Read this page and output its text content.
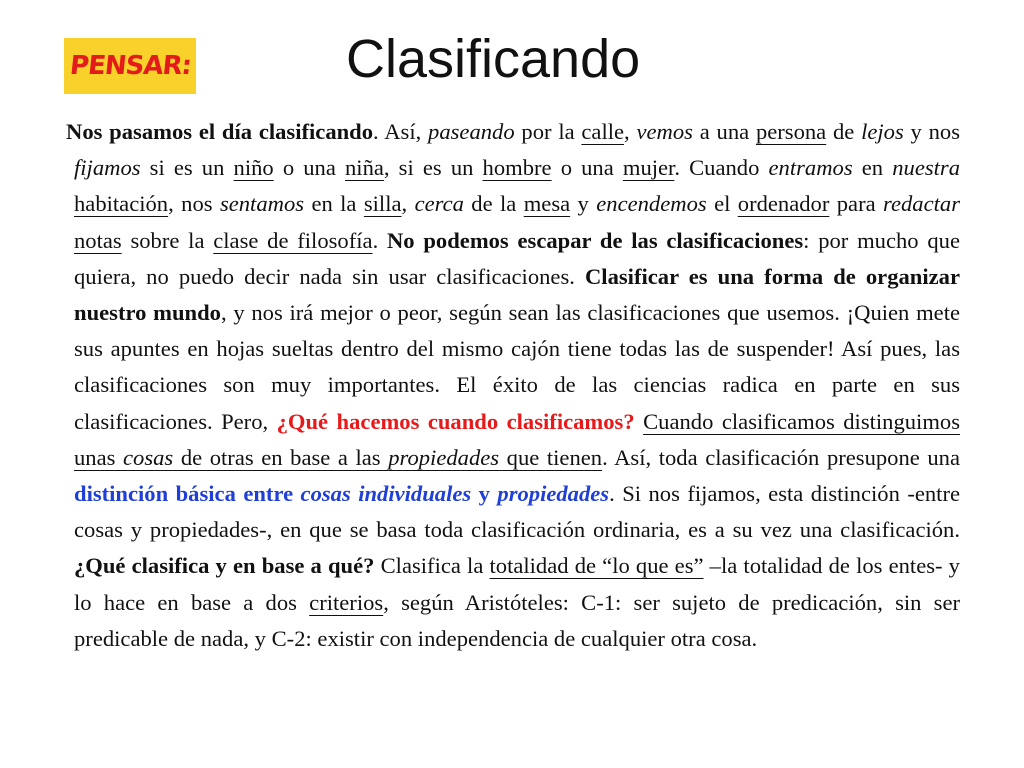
PENSAR:	Clasificando

Nos pasamos el día clasificando. Así, paseando por la calle, vemos a una persona de lejos y nos fijamos si es un niño o una niña, si es un hombre o una mujer. Cuando entramos en nuestra habitación, nos sentamos en la silla, cerca de la mesa y encendemos el ordenador para redactar notas sobre la clase de filosofía. No podemos escapar de las clasificaciones: por mucho que quiera, no puedo decir nada sin usar clasificaciones. Clasificar es una forma de organizar nuestro mundo, y nos irá mejor o peor, según sean las clasificaciones que usemos. ¡Quien mete sus apuntes en hojas sueltas dentro del mismo cajón tiene todas las de suspender! Así pues, las clasificaciones son muy importantes. El éxito de las ciencias radica en parte en sus clasificaciones. Pero, ¿Qué hacemos cuando clasificamos? Cuando clasificamos distinguimos unas cosas de otras en base a las propiedades que tienen. Así, toda clasificación presupone una distinción básica entre cosas individuales y propiedades. Si nos fijamos, esta distinción -entre cosas y propiedades-, en que se basa toda clasificación ordinaria, es a su vez una clasificación. ¿Qué clasifica y en base a qué? Clasifica la totalidad de “lo que es” –la totalidad de los entes- y lo hace en base a dos criterios, según Aristóteles: C-1: ser sujeto de predicación, sin ser predicable de nada, y C-2: existir con independencia de cualquier otra cosa.
